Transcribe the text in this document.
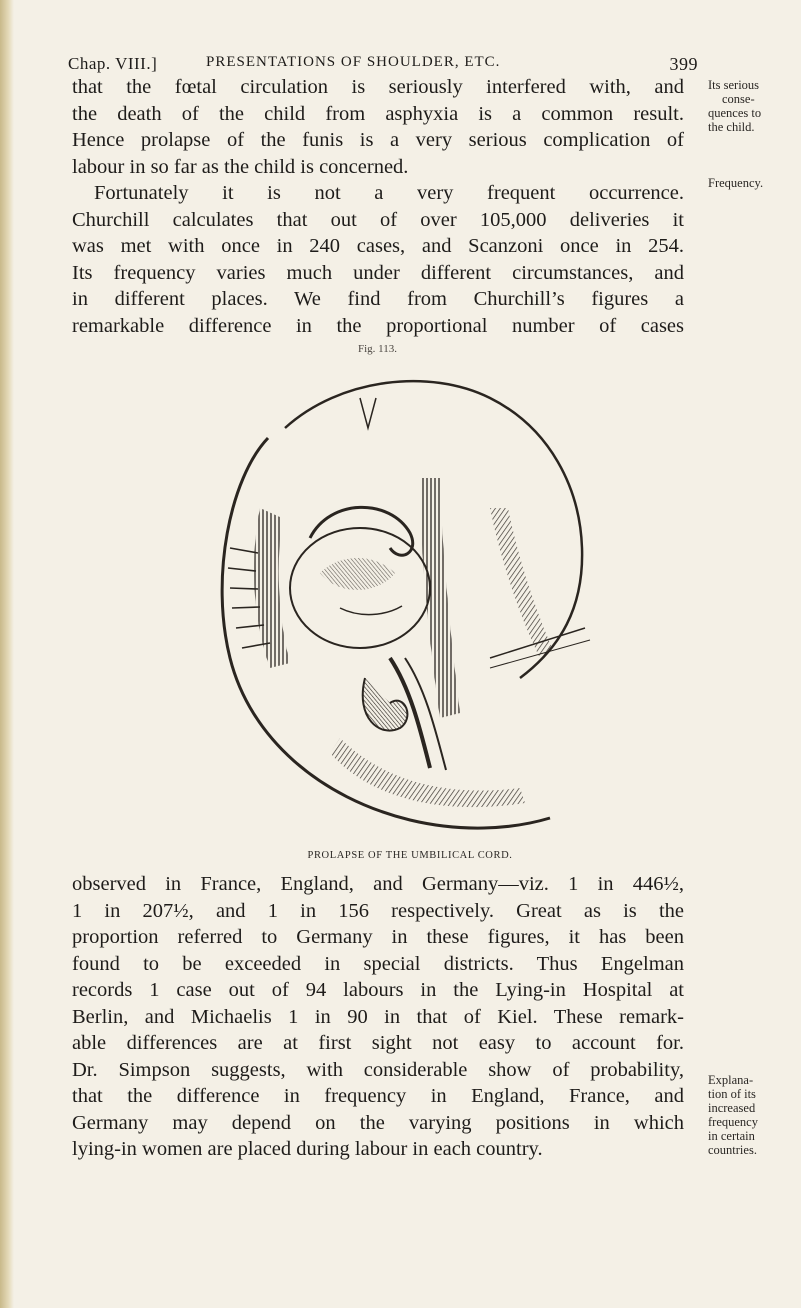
Chap. VIII.]	PRESENTATIONS OF SHOULDER, ETC.	399
that the fœtal circulation is seriously interfered with, and
the death of the child from asphyxia is a common result.
Hence prolapse of the funis is a very serious complication of
labour in so far as the child is concerned.
Fortunately it is not a very frequent occurrence.
Churchill calculates that out of over 105,000 deliveries it
was met with once in 240 cases, and Scanzoni once in 254.
Its frequency varies much under different circumstances, and
in different places. We find from Churchill’s figures a
remarkable difference in the proportional number of cases
Its serious
conse-
quences to
the child.
Frequency.
Fig. 113.
PROLAPSE OF THE UMBILICAL CORD.
observed in France, England, and Germany—viz. 1 in 446½,
1 in 207½, and 1 in 156 respectively. Great as is the
proportion referred to Germany in these figures, it has been
found to be exceeded in special districts. Thus Engelman
records 1 case out of 94 labours in the Lying-in Hospital at
Berlin, and Michaelis 1 in 90 in that of Kiel. These remark-
able differences are at first sight not easy to account for.
Dr. Simpson suggests, with considerable show of probability,
that the difference in frequency in England, France, and
Germany may depend on the varying positions in which
lying-in women are placed during labour in each country.
Explana-
tion of its
increased
frequency
in certain
countries.
